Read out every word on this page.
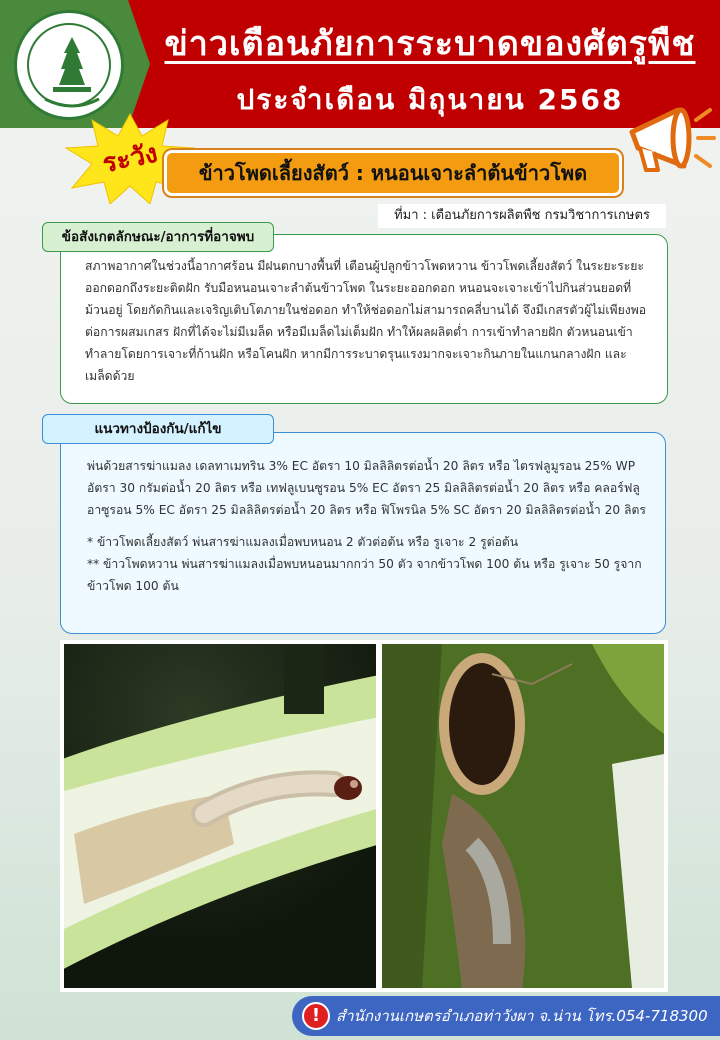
ข่าวเตือนภัยการระบาดของศัตรูพืช
ประจำเดือน มิถุนายน 2568
ระวัง	ข้าวโพดเลี้ยงสัตว์ : หนอนเจาะลำต้นข้าวโพด
ที่มา : เตือนภัยการผลิตพืช กรมวิชาการเกษตร
สภาพอากาศในช่วงนี้อากาศร้อน มีฝนตกบางพื้นที่ เตือนผู้ปลูกข้าวโพดหวาน ข้าวโพดเลี้ยงสัตว์ ในระยะระยะออกดอกถึงระยะติดฝัก รับมือหนอนเจาะลำต้นข้าวโพด ในระยะออกดอก หนอนจะเจาะเข้าไปกินส่วนยอดที่ม้วนอยู่ โดยกัดกินและเจริญเติบโตภายในช่อดอก ทำให้ช่อดอกไม่สามารถคลี่บานได้ จึงมีเกสรตัวผู้ไม่เพียงพอต่อการผสมเกสร ฝักที่ได้จะไม่มีเมล็ด หรือมีเมล็ดไม่เต็มฝัก ทำให้ผลผลิตต่ำ การเข้าทำลายฝัก ตัวหนอนเข้าทำลายโดยการเจาะที่ก้านฝัก หรือโคนฝัก หากมีการระบาดรุนแรงมากจะเจาะกินภายในแกนกลางฝัก และเมล็ดด้วย
ข้อสังเกตลักษณะ/อาการที่อาจพบ
พ่นด้วยสารฆ่าแมลง เดลทาเมทริน 3% EC อัตรา 10 มิลลิลิตรต่อน้ำ 20 ลิตร หรือ ไตรฟลูมูรอน 25% WP อัตรา 30 กรัมต่อน้ำ 20 ลิตร หรือ เทฟลูเบนซูรอน 5% EC อัตรา 25 มิลลิลิตรต่อน้ำ 20 ลิตร หรือ คลอร์ฟลูอาซูรอน 5% EC อัตรา 25 มิลลิลิตรต่อน้ำ 20 ลิตร หรือ ฟิโพรนิล 5% SC อัตรา 20 มิลลิลิตรต่อน้ำ 20 ลิตร
* ข้าวโพดเลี้ยงสัตว์ พ่นสารฆ่าแมลงเมื่อพบหนอน 2 ตัวต่อต้น หรือ รูเจาะ 2 รูต่อต้น
** ข้าวโพดหวาน พ่นสารฆ่าแมลงเมื่อพบหนอนมากกว่า 50 ตัว จากข้าวโพด 100 ต้น หรือ รูเจาะ 50 รูจากข้าวโพด 100 ต้น
แนวทางป้องกัน/แก้ไข
!	สำนักงานเกษตรอำเภอท่าวังผา จ.น่าน โทร.054-718300
